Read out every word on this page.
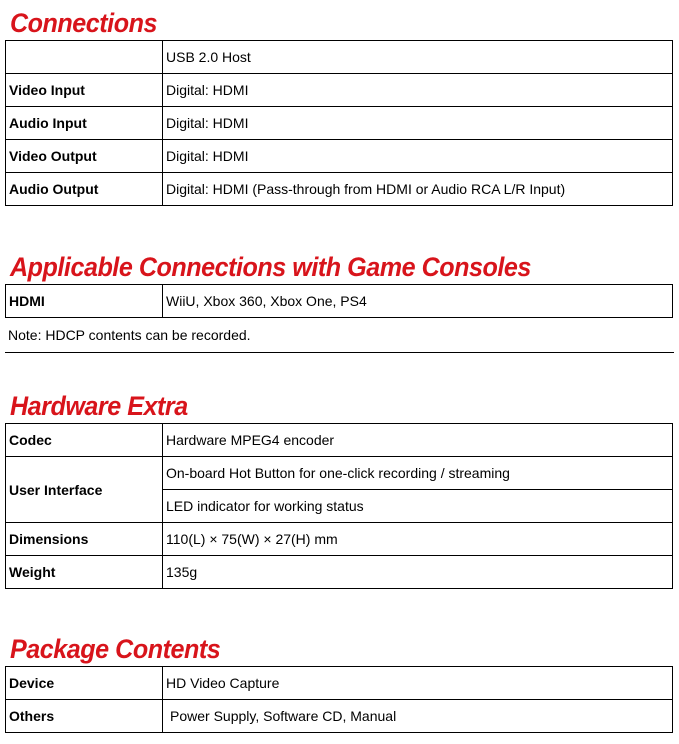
Connections
	USB 2.0 Host
Video Input	Digital: HDMI
Audio Input	Digital: HDMI
Video Output	Digital: HDMI
Audio Output	Digital: HDMI (Pass-through from HDMI or Audio RCA L/R Input)
Applicable Connections with Game Consoles
HDMI	WiiU, Xbox 360, Xbox One, PS4
Note: HDCP contents can be recorded.
Hardware Extra
Codec	Hardware MPEG4 encoder
User Interface	On-board Hot Button for one-click recording / streaming
	LED indicator for working status
Dimensions	110(L) × 75(W) × 27(H) mm
Weight	135g
Package Contents
Device	HD Video Capture
Others	Power Supply, Software CD, Manual
